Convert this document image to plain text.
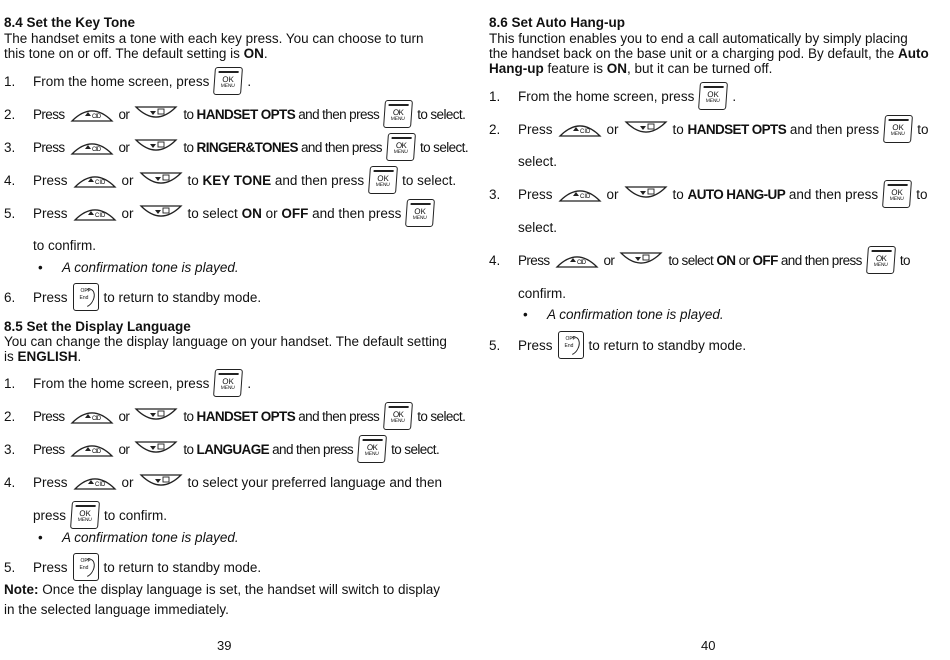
8.4 Set the Key Tone
The handset emits a tone with each key press. You can choose to turn
this tone on or off. The default setting is ON.
1.	From the home screen, press	OK
MENU .
2.	Press	CID or	to HANDSET OPTS and then press	OK
MENU to select.
3.	Press	CID or	to RINGER&TONES and then press	OK
MENU to select.
4.	Press	CID or	to KEY TONE and then press	OK
MENU to select.
5.	Press	CID or	to select ON or OFF and then press	OK
MENU
to confirm.
• A confirmation tone is played.
6.	Press	OFF
End to return to standby mode.
8.5 Set the Display Language
You can change the display language on your handset. The default setting
is ENGLISH.
1.	From the home screen, press	OK
MENU .
2.	Press	CID or	to HANDSET OPTS and then press	OK
MENU to select.
3.	Press	CID or	to LANGUAGE and then press	OK
MENU to select.
4.	Press	CID or	to select your preferred language and then
press	OK
MENU to confirm.
• A confirmation tone is played.
5.	Press	OFF
End to return to standby mode.
Note: Once the display language is set, the handset will switch to display
in the selected language immediately.
39
8.6 Set Auto Hang-up
This function enables you to end a call automatically by simply placing
the handset back on the base unit or a charging pod. By default, the Auto
Hang-up feature is ON, but it can be turned off.
1.	From the home screen, press	OK
MENU .
2.	Press	CID or	to HANDSET OPTS and then press	OK
MENU to
select.
3.	Press	CID or	to AUTO HANG-UP and then press	OK
MENU to
select.
4.	Press	CID or	to select ON or OFF and then press	OK
MENU to
confirm.
• A confirmation tone is played.
5.	Press	OFF
End to return to standby mode.
40
